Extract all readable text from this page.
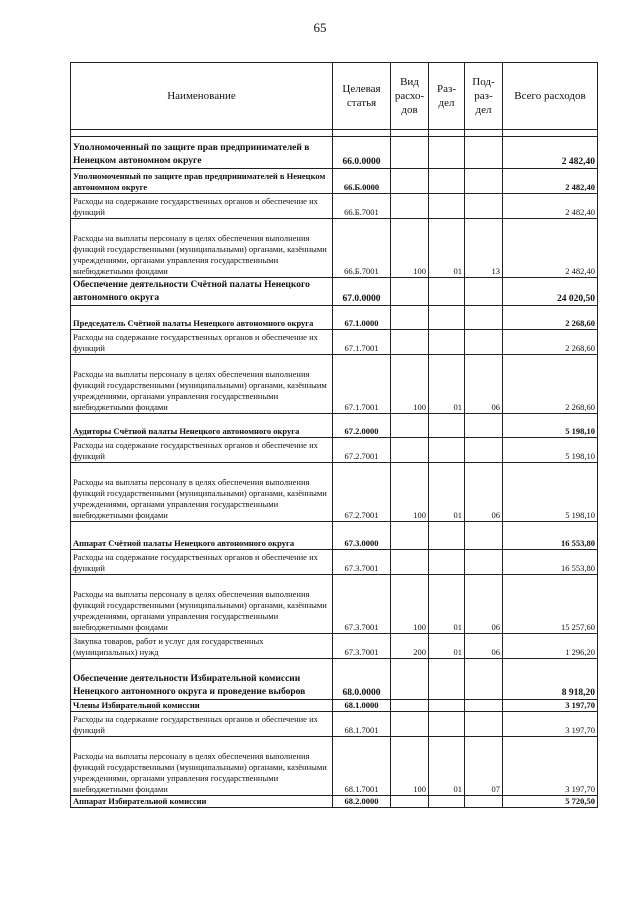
65
Наименование	Целевая статья	Вид расхо-дов	Раз-дел	Под-раз-дел	Всего расходов

Уполномоченный по защите прав предпринимателей в Ненецком автономном округе	66.0.0000				2 482,40
Уполномоченный по защите прав предпринимателей в Ненецком автономном округе	66.Б.0000				2 482,40
Расходы на содержание государственных органов и обеспечение их функций	66.Б.7001				2 482,40
Расходы на выплаты персоналу в целях обеспечения выполнения функций государственными (муниципальными) органами, казёнными учреждениями, органами управления государственными внебюджетными фондами	66.Б.7001	100	01	13	2 482,40
Обеспечение деятельности Счётной палаты Ненецкого автономного округа	67.0.0000				24 020,50
Председатель Счётной палаты Ненецкого автономного округа	67.1.0000				2 268,60
Расходы на содержание государственных органов и обеспечение их функций	67.1.7001				2 268,60
Расходы на выплаты персоналу в целях обеспечения выполнения функций государственными (муниципальными) органами, казённыим учреждениями, органами управления государственными внебюджетными фондами	67.1.7001	100	01	06	2 268,60
Аудиторы Счётной палаты Ненецкого автономного округа	67.2.0000				5 198,10
Расходы на содержание государственных органов и обеспечение их функций	67.2.7001				5 198,10
Расходы на выплаты персоналу в целях обеспечения выполнения функций государственными (муниципальными) органами, казёнными учреждениями, органами управления государственными внебюджетными фондами	67.2.7001	100	01	06	5 198,10
Аппарат Счётной палаты Ненецкого автономного округа	67.3.0000				16 553,80
Расходы на содержание государственных органов и обеспечение их функций	67.3.7001				16 553,80
Расходы на выплаты персоналу в целях обеспечения выполнения функций государственными (муниципальными) органами, казёнными учреждениями, органами управления государственными внебюджетными фондами	67.3.7001	100	01	06	15 257,60
Закупка товаров, работ и услуг для государственных (муниципальных) нужд	67.3.7001	200	01	06	1 296,20
Обеспечение деятельности Избирательной комиссии Ненецкого автономного округа и проведение выборов	68.0.0000				8 918,20
Члены Избирательной комиссии	68.1.0000				3 197,70
Расходы на содержание государственных органов и обеспечение их функций	68.1.7001				3 197,70
Расходы на выплаты персоналу в целях обеспечения выполнения функций государственными (муниципальными) органами, казёнными учреждениями, органами управления государственными внебюджетными фондами	68.1.7001	100	01	07	3 197,70
Аппарат Избирательной комиссии	68.2.0000				5 720,50
